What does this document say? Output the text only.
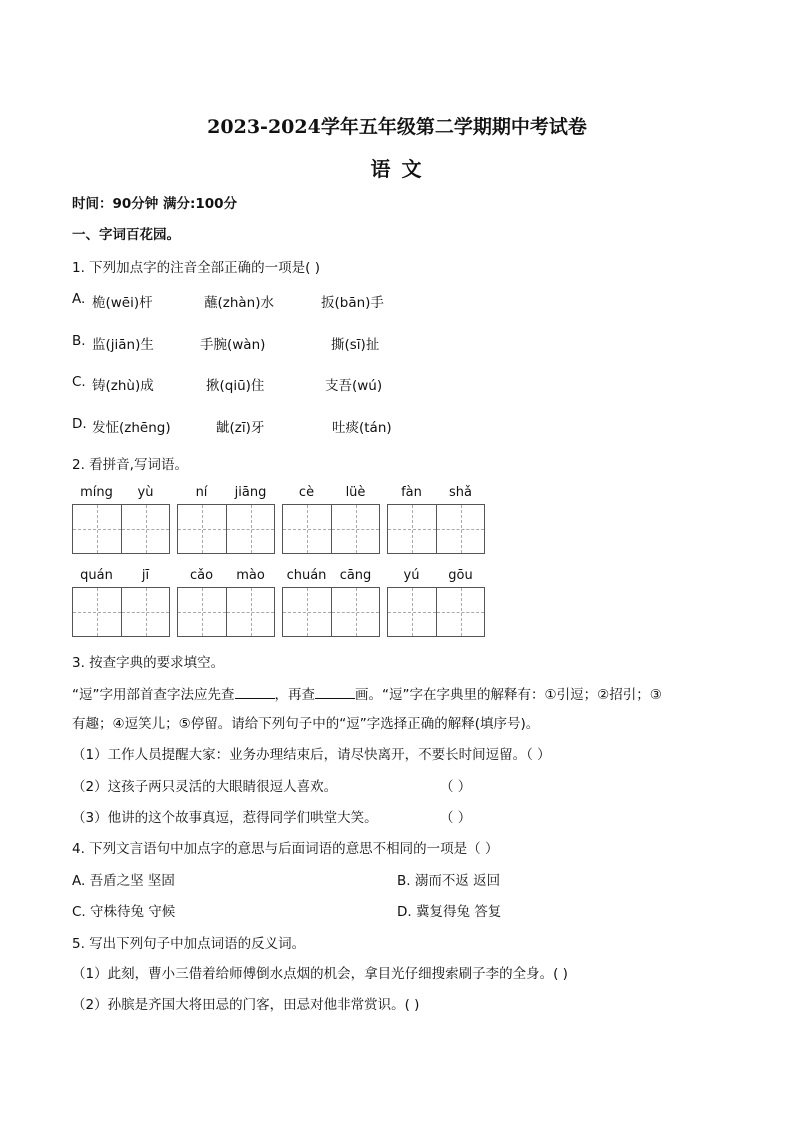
2023-2024学年五年级第二学期期中考试卷
语 文
时间：90分钟 满分:100分
一、字词百花园。
1. 下列加点字的注音全部正确的一项是( )
A. 桅(wēi)杆	蘸(zhàn)水	扳(bān)手
B. 监(jiān)生	手腕(wàn)	撕(sī)扯
C. 铸(zhù)成	揪(qiū)住	支吾(wú)
D. 发怔(zhēng)	龇(zī)牙	吐痰(tán)
2. 看拼音,写词语。
míng	yù	ní	jiāng	cè	lüè	fàn	shǎ
quán	jī	cǎo	mào	chuán	cāng	yú	gōu
3. 按查字典的要求填空。
“逗”字用部首查字法应先查	，再查	画。“逗”字在字典里的解释有：①引逗；②招引；③
有趣；④逗笑儿；⑤停留。请给下列句子中的“逗”字选择正确的解释(填序号)。
（1）工作人员提醒大家：业务办理结束后，请尽快离开，不要长时间逗留。（ ）
（2）这孩子两只灵活的大眼睛很逗人喜欢。	（ ）
（3）他讲的这个故事真逗，惹得同学们哄堂大笑。	（ ）
4. 下列文言语句中加点字的意思与后面词语的意思不相同的一项是（ ）
A. 吾盾之坚 坚固	B. 溺而不返 返回
C. 守株待兔 守候	D. 冀复得兔 答复
5. 写出下列句子中加点词语的反义词。
（1）此刻，曹小三借着给师傅倒水点烟的机会，拿目光仔细搜索刷子李的全身。( )
（2）孙膑是齐国大将田忌的门客，田忌对他非常赏识。( )
